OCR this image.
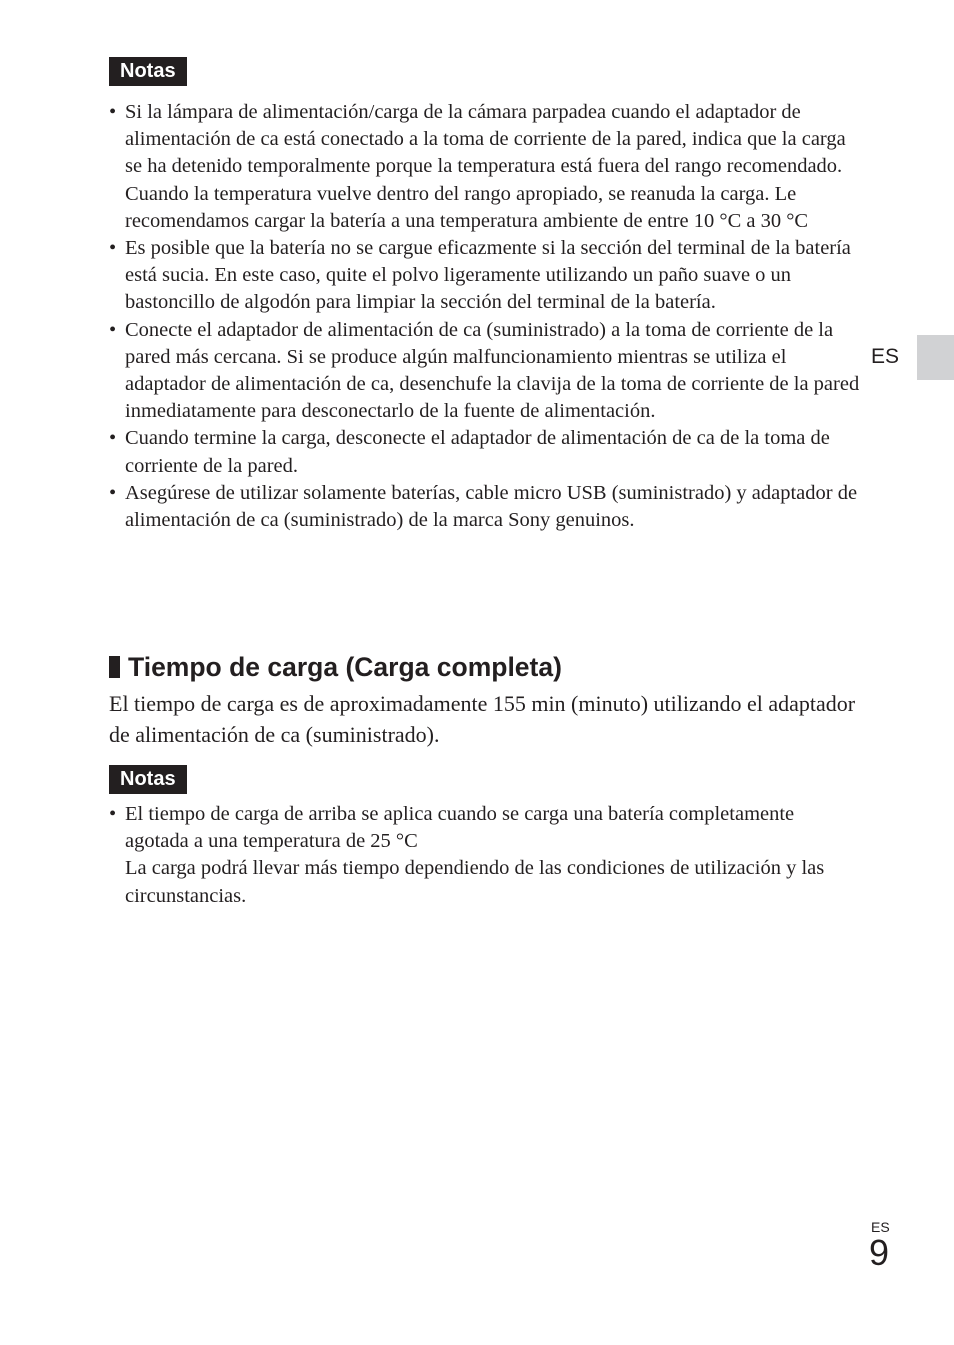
Notas
• Si la lámpara de alimentación/carga de la cámara parpadea cuando el adaptador de alimentación de ca está conectado a la toma de corriente de la pared, indica que la carga se ha detenido temporalmente porque la temperatura está fuera del rango recomendado. Cuando la temperatura vuelve dentro del rango apropiado, se reanuda la carga. Le recomendamos cargar la batería a una temperatura ambiente de entre 10 °C a 30 °C
• Es posible que la batería no se cargue eficazmente si la sección del terminal de la batería está sucia. En este caso, quite el polvo ligeramente utilizando un paño suave o un bastoncillo de algodón para limpiar la sección del terminal de la batería.
• Conecte el adaptador de alimentación de ca (suministrado) a la toma de corriente de la pared más cercana. Si se produce algún malfuncionamiento mientras se utiliza el adaptador de alimentación de ca, desenchufe la clavija de la toma de corriente de la pared inmediatamente para desconectarlo de la fuente de alimentación.
• Cuando termine la carga, desconecte el adaptador de alimentación de ca de la toma de corriente de la pared.
• Asegúrese de utilizar solamente baterías, cable micro USB (suministrado) y adaptador de alimentación de ca (suministrado) de la marca Sony genuinos.
Tiempo de carga (Carga completa)

El tiempo de carga es de aproximadamente 155 min (minuto) utilizando el adaptador de alimentación de ca (suministrado).

Notas
• El tiempo de carga de arriba se aplica cuando se carga una batería completamente agotada a una temperatura de 25 °C
La carga podrá llevar más tiempo dependiendo de las condiciones de utilización y las circunstancias.
ES
ES
9
